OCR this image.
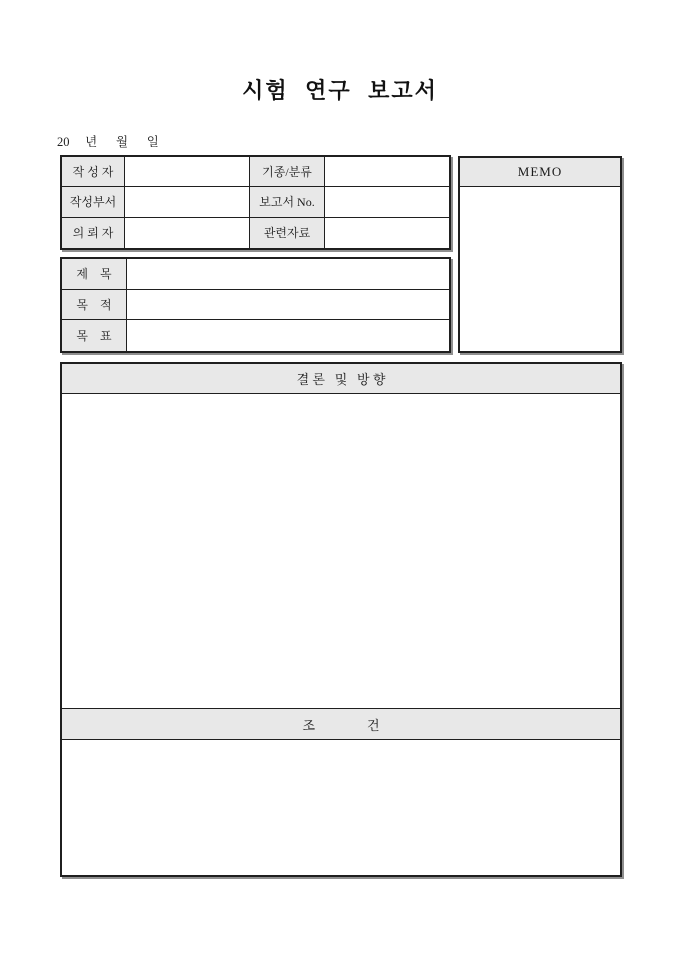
시험 연구 보고서
20     년      월      일
작 성 자	기종/분류
작성부서	보고서 No.
의 뢰 자	관련자료
MEMO
제    목
목    적
목    표
결 론   및   방 향
조                건
